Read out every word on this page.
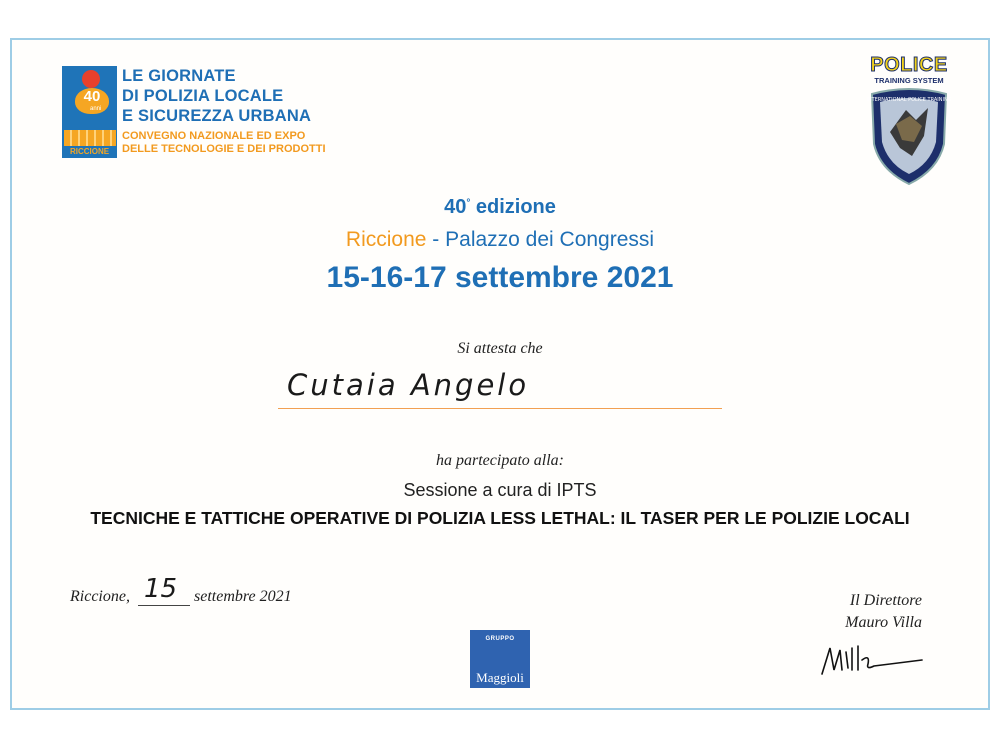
40
anni
RICCIONE
LE GIORNATE
DI POLIZIA LOCALE
E SICUREZZA URBANA
CONVEGNO NAZIONALE ED EXPO
DELLE TECNOLOGIE E DEI PRODOTTI
POLICE
TRAINING SYSTEM
INTERNATIONAL POLICE TRAINING
40° edizione
Riccione - Palazzo dei Congressi
15-16-17 settembre 2021
Si attesta che
Cutaia Angelo
ha partecipato alla:
Sessione a cura di IPTS
TECNICHE E TATTICHE OPERATIVE DI POLIZIA LESS LETHAL: IL TASER PER LE POLIZIE LOCALI
Riccione, 15 settembre 2021
GRUPPO
Maggioli
Il Direttore
Mauro Villa
